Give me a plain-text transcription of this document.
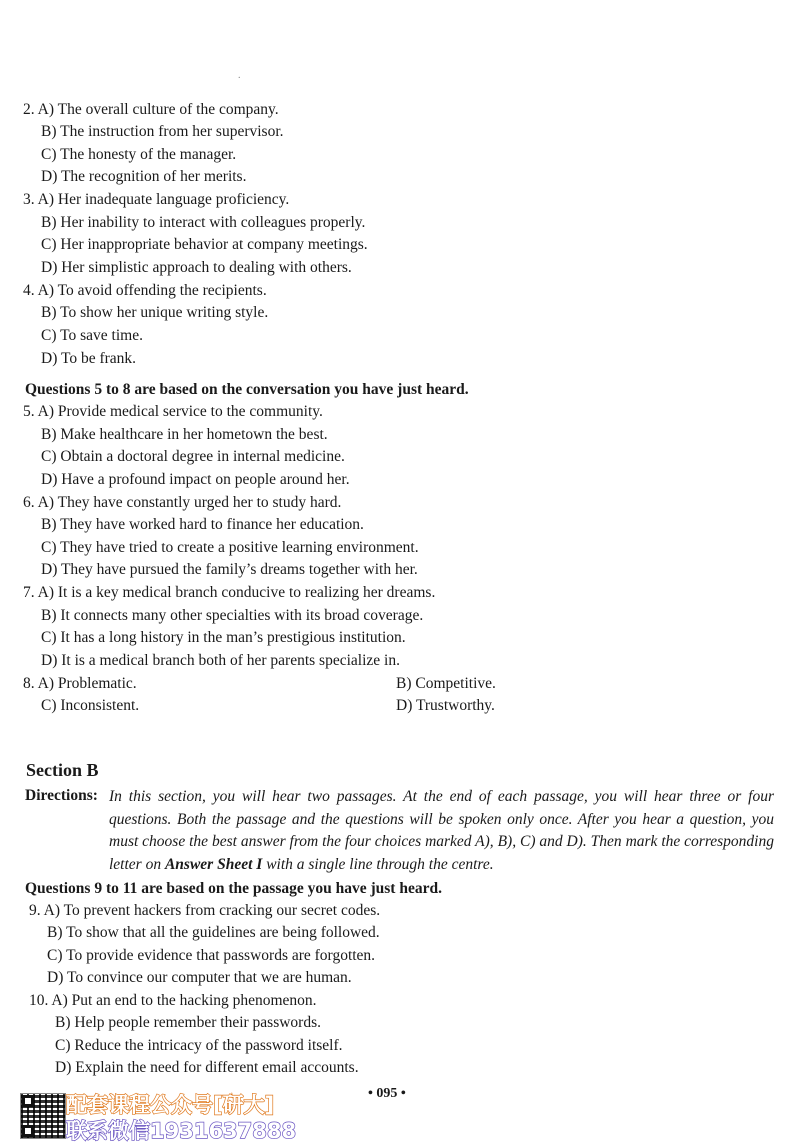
.
2. A) The overall culture of the company.
B) The instruction from her supervisor.
C) The honesty of the manager.
D) The recognition of her merits.
3. A) Her inadequate language proficiency.
B) Her inability to interact with colleagues properly.
C) Her inappropriate behavior at company meetings.
D) Her simplistic approach to dealing with others.
4. A) To avoid offending the recipients.
B) To show her unique writing style.
C) To save time.
D) To be frank.
Questions 5 to 8 are based on the conversation you have just heard.
5. A) Provide medical service to the community.
B) Make healthcare in her hometown the best.
C) Obtain a doctoral degree in internal medicine.
D) Have a profound impact on people around her.
6. A) They have constantly urged her to study hard.
B) They have worked hard to finance her education.
C) They have tried to create a positive learning environment.
D) They have pursued the family’s dreams together with her.
7. A) It is a key medical branch conducive to realizing her dreams.
B) It connects many other specialties with its broad coverage.
C) It has a long history in the man’s prestigious institution.
D) It is a medical branch both of her parents specialize in.
8. A) Problematic.	B) Competitive.
C) Inconsistent.	D) Trustworthy.
Section B
Directions: In this section, you will hear two passages. At the end of each passage, you will hear three or four questions. Both the passage and the questions will be spoken only once. After you hear a question, you must choose the best answer from the four choices marked A), B), C) and D). Then mark the corresponding letter on Answer Sheet I with a single line through the centre.
Questions 9 to 11 are based on the passage you have just heard.
9. A) To prevent hackers from cracking our secret codes.
B) To show that all the guidelines are being followed.
C) To provide evidence that passwords are forgotten.
D) To convince our computer that we are human.
10. A) Put an end to the hacking phenomenon.
B) Help people remember their passwords.
C) Reduce the intricacy of the password itself.
D) Explain the need for different email accounts.
• 095 •
配套课程公众号[研大]
联系微信1931637888
